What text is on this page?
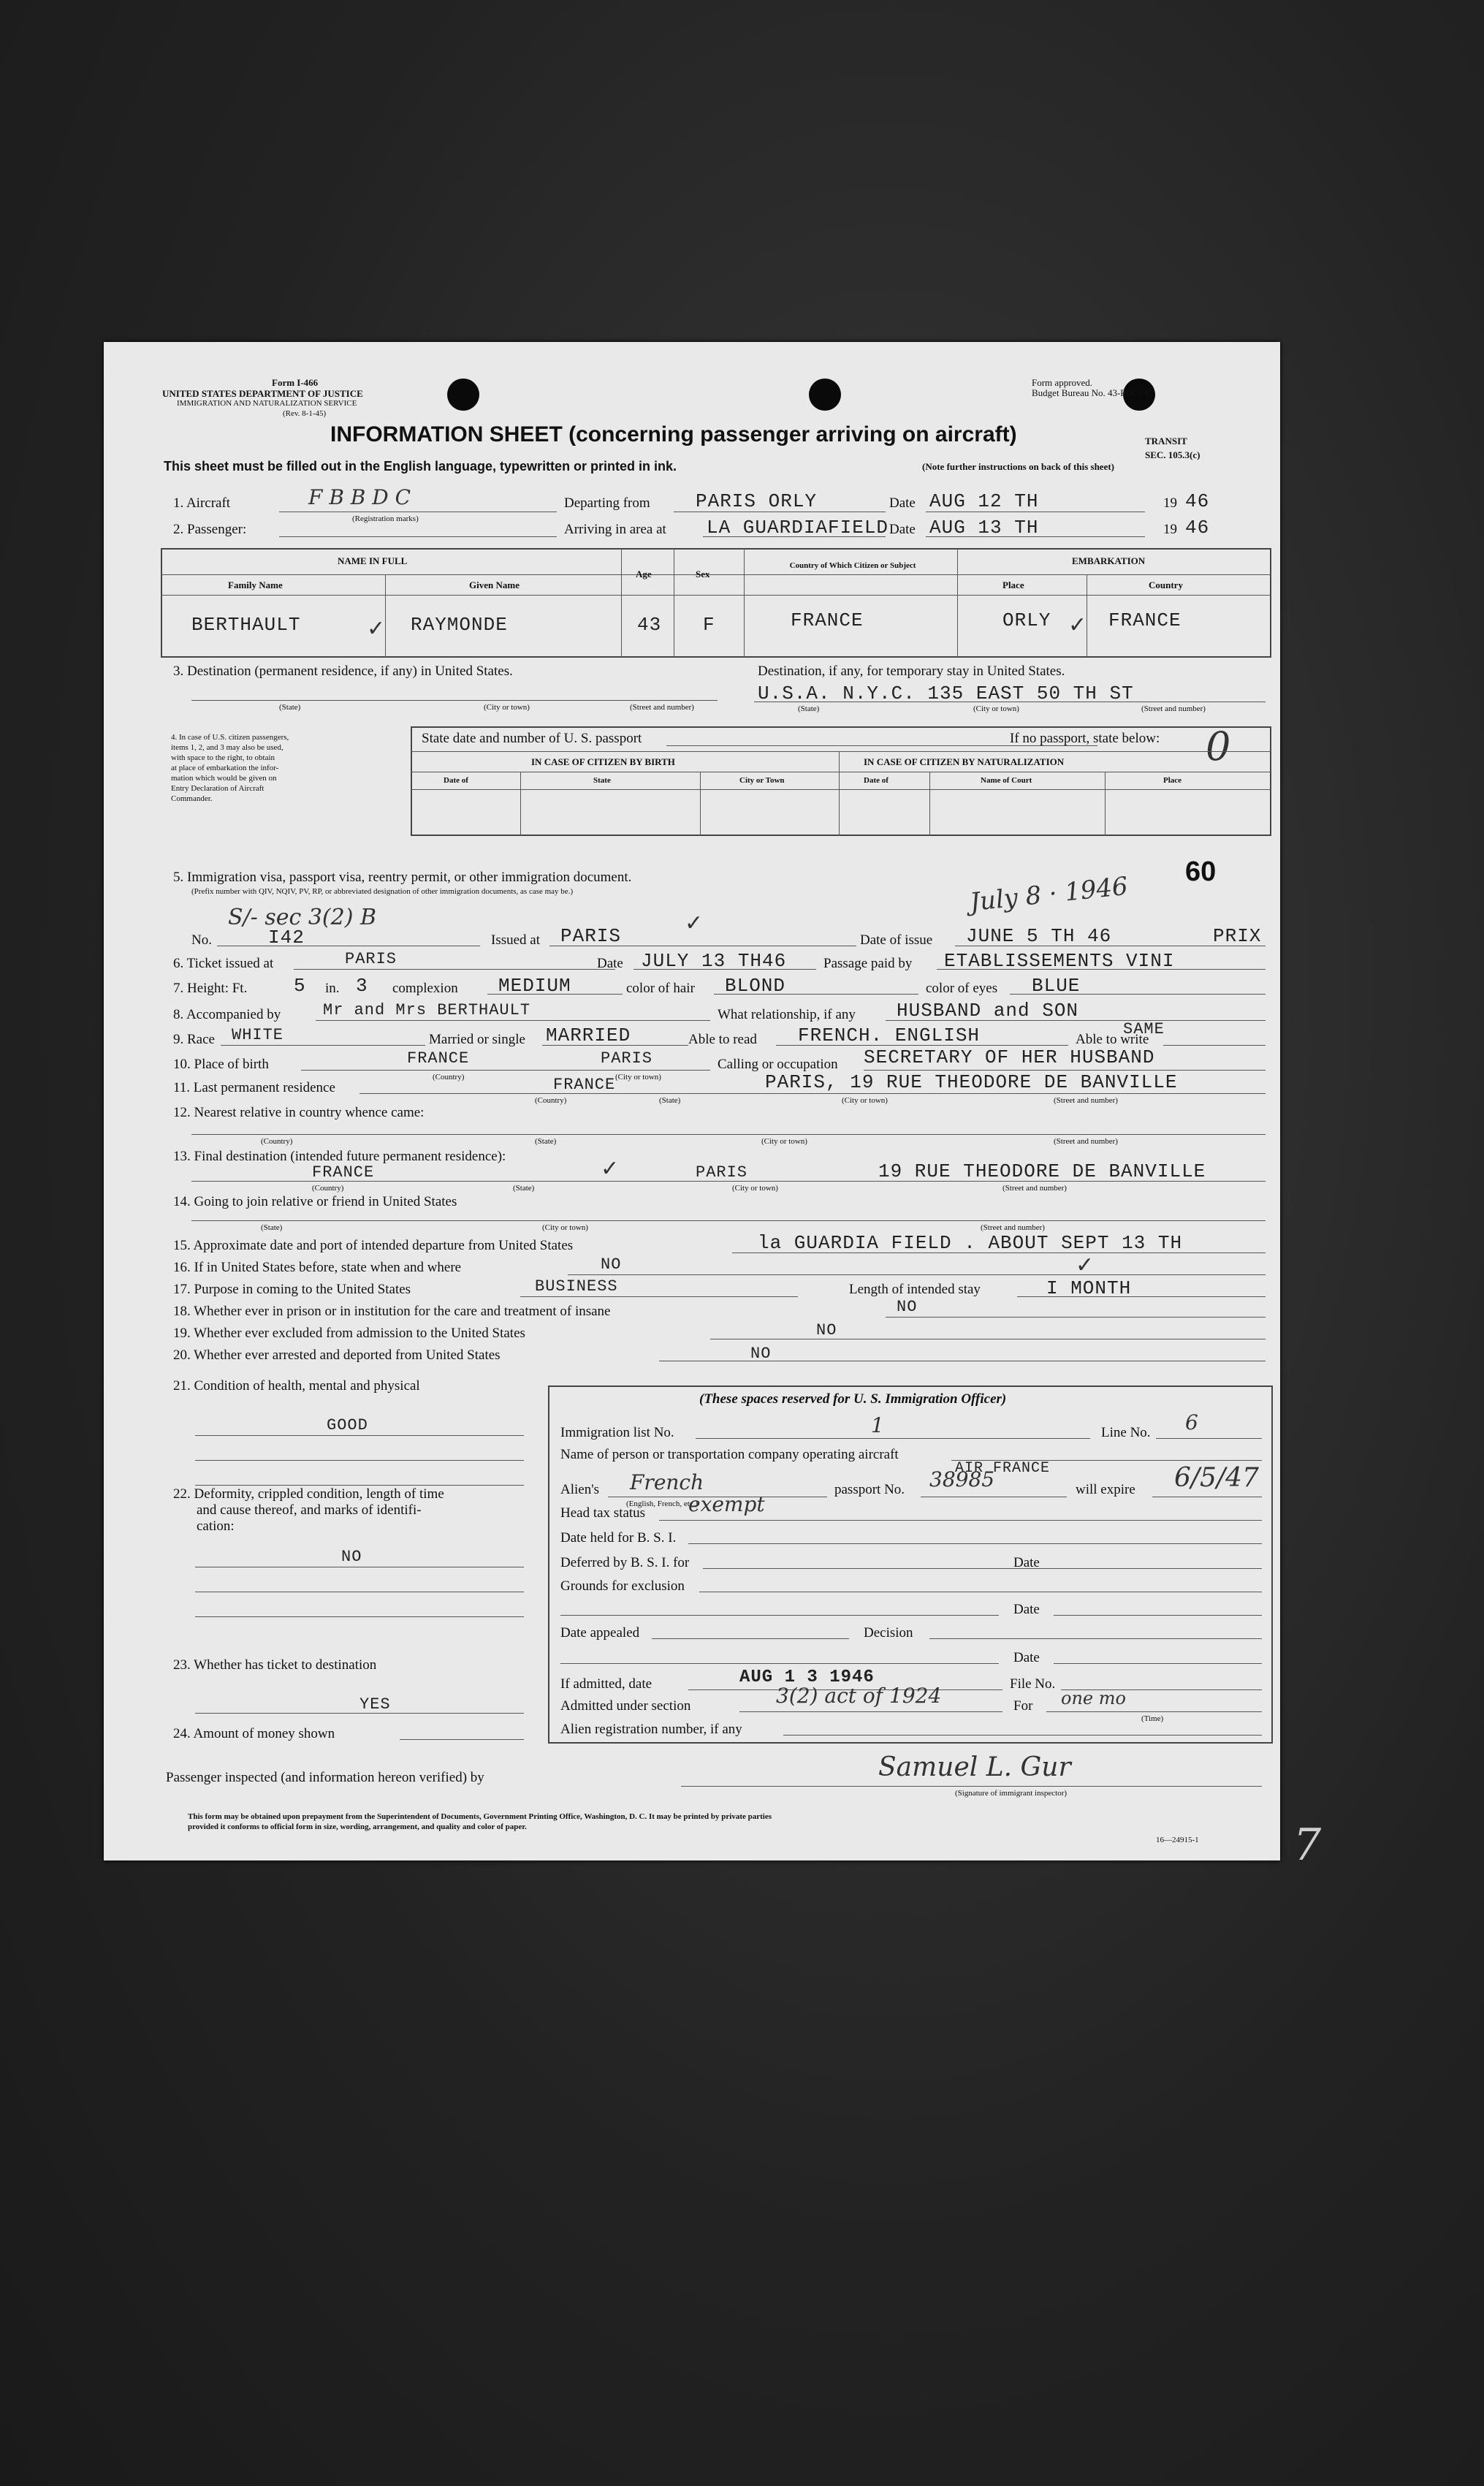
Form I-466
UNITED STATES DEPARTMENT OF JUSTICE
IMMIGRATION AND NATURALIZATION SERVICE
(Rev. 8-1-45)
Form approved.
Budget Bureau No. 43-R063-42.
INFORMATION SHEET (concerning passenger arriving on aircraft)
This sheet must be filled out in the English language, typewritten or printed in ink.	(Note further instructions on back of this sheet)
TRANSIT
SEC. 105.3(c)
1. Aircraft	F B B D C
(Registration marks)
Departing from PARIS ORLY	Date AUG 12 TH	19 46
2. Passenger:	Arriving in area at LA GUARDIAFIELD Date AUG 13 TH	19 46
NAME IN FULL
Family Name	Given Name
Age	Sex
Country of Which Citizen or Subject	EMBARKATION
Place	Country
BERTHAULT	RAYMONDE	43 F	FRANCE	ORLY	FRANCE
✓	✓
3. Destination (permanent residence, if any) in United States.	Destination, if any, for temporary stay in United States.
U.S.A. N.Y.C. 135 EAST 50 TH ST
(State)	(City or town)	(Street and number)	(State)	(City or town)	(Street and number)
4. In case of U.S. citizen passengers,
items 1, 2, and 3 may also be used,
with space to the right, to obtain
at place of embarkation the infor-
mation which would be given on
Entry Declaration of Aircraft
Commander.
State date and number of U. S. passport	If no passport, state below: 0
IN CASE OF CITIZEN BY BIRTH	IN CASE OF CITIZEN BY NATURALIZATION
Date of	State	City or Town	Date of	Name of Court	Place
5. Immigration visa, passport visa, reentry permit, or other immigration document.
(Prefix number with QIV, NQIV, PV, RP, or abbreviated designation of other immigration documents, as case may be.)
60
July 8 · 1946
S/- sec 3(2) B
No.	I42	Issued at PARIS	Date of issue JUNE 5 TH 46	PRIX
✓
6. Ticket issued at	PARIS	Date JULY 13 TH46	Passage paid by ETABLISSEMENTS VINI
7. Height: Ft. 5 in. 3 complexion MEDIUM	color of hair BLOND	color of eyes BLUE
8. Accompanied by	Mr and Mrs BERTHAULT	What relationship, if any HUSBAND and SON
9. Race WHITE	Married or single MARRIED	Able to read FRENCH. ENGLISH	Able to write
SAME
10. Place of birth	FRANCE	PARIS
(Country)	(City or town)
Calling or occupation SECRETARY OF HER HUSBAND
11. Last permanent residence	FRANCE	PARIS, 19 RUE THEODORE DE BANVILLE
(Country)	(State)	(City or town)	(Street and number)
12. Nearest relative in country whence came:
(Country)	(State)	(City or town)	(Street and number)
13. Final destination (intended future permanent residence):
FRANCE	PARIS	19 RUE THEODORE DE BANVILLE
(Country)	(State)	(City or town)	(Street and number)
✓
14. Going to join relative or friend in United States
(State)	(City or town)	(Street and number)
15. Approximate date and port of intended departure from United States	la GUARDIA FIELD . ABOUT SEPT 13 TH
16. If in United States before, state when and where	NO	✓
17. Purpose in coming to the United States	BUSINESS	Length of intended stay	I MONTH
18. Whether ever in prison or in institution for the care and treatment of insane	NO
19. Whether ever excluded from admission to the United States	NO
20. Whether ever arrested and deported from United States	NO
21. Condition of health, mental and physical
GOOD
22. Deformity, crippled condition, length of time
and cause thereof, and marks of identifi-
cation:
NO
23. Whether has ticket to destination
YES
24. Amount of money shown
(These spaces reserved for U. S. Immigration Officer)
Immigration list No.	1	Line No. 6
Name of person or transportation company operating aircraft
AIR FRANCE
Alien's French
(English, French, etc.)
passport No. 38985	will expire 6/5/47
Head tax status exempt
Date held for B. S. I.
Deferred by B. S. I. for	Date
Grounds for exclusion
Date
Date appealed	Decision
Date
If admitted, date	AUG 1 3 1946	File No.
Admitted under section	3(2) act of 1924	For one mo
(Time)
Alien registration number, if any
Passenger inspected (and information hereon verified) by	Samuel L. Gur
(Signature of immigrant inspector)
This form may be obtained upon prepayment from the Superintendent of Documents, Government Printing Office, Washington, D. C. It may be printed by private parties
provided it conforms to official form in size, wording, arrangement, and quality and color of paper.
16—24915-1 7
